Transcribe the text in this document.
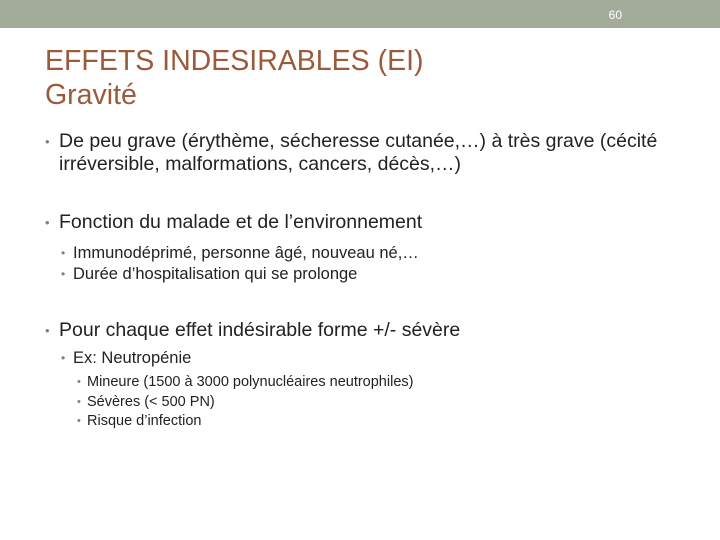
60
EFFETS INDESIRABLES (EI)
Gravité

• De peu grave (érythème, sécheresse cutanée,…) à très grave (cécité irréversible, malformations, cancers, décès,…)

• Fonction du malade et de l’environnement

• Immunodéprimé, personne âgé, nouveau né,…

• Durée d’hospitalisation qui se prolonge

• Pour chaque effet indésirable forme +/- sévère

• Ex: Neutropénie

• Mineure (1500 à 3000 polynucléaires neutrophiles)

• Sévères (< 500 PN)

• Risque d’infection
